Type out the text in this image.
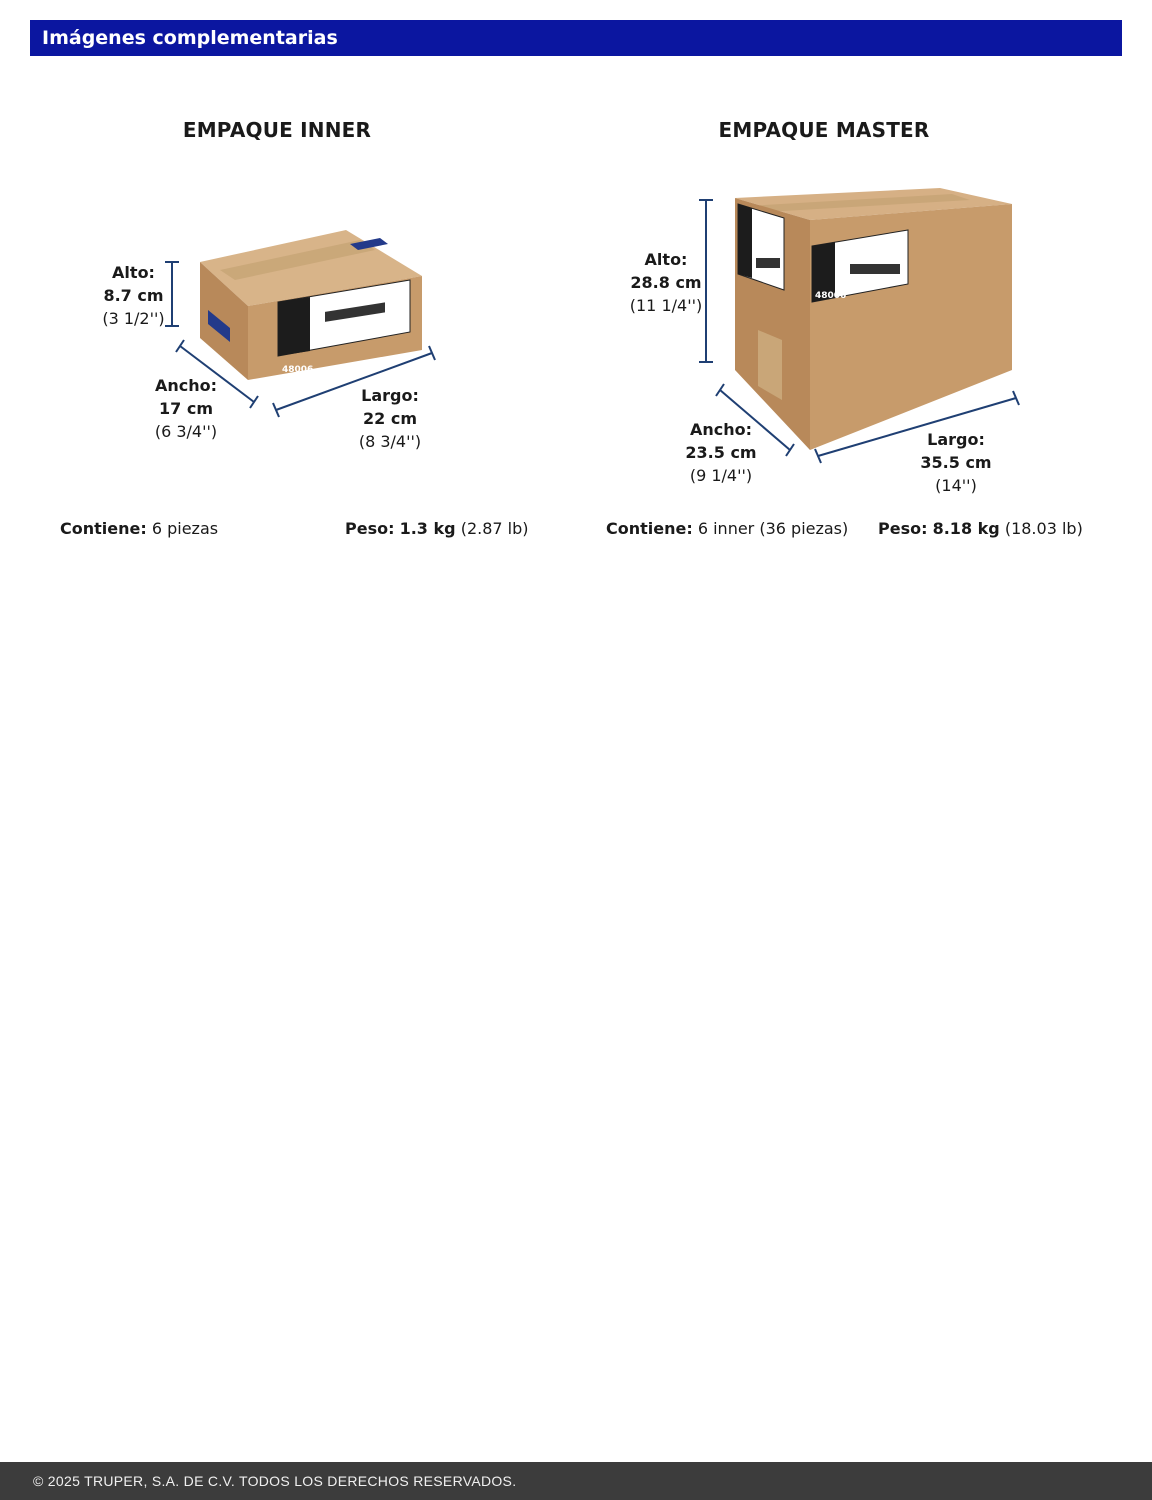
Imágenes complementarias
EMPAQUE INNER
48006
Alto:
8.7 cm
(3 1/2'')
Ancho:
17 cm
(6 3/4'')
Largo:
22 cm
(8 3/4'')
Contiene: 6 piezas	Peso: 1.3 kg (2.87 lb)
EMPAQUE MASTER
48006
Alto:
28.8 cm
(11 1/4'')
Ancho:
23.5 cm
(9 1/4'')
Largo:
35.5 cm
(14'')
Contiene: 6 inner (36 piezas) Peso: 8.18 kg (18.03 lb)
© 2025 TRUPER, S.A. DE C.V. TODOS LOS DERECHOS RESERVADOS.
